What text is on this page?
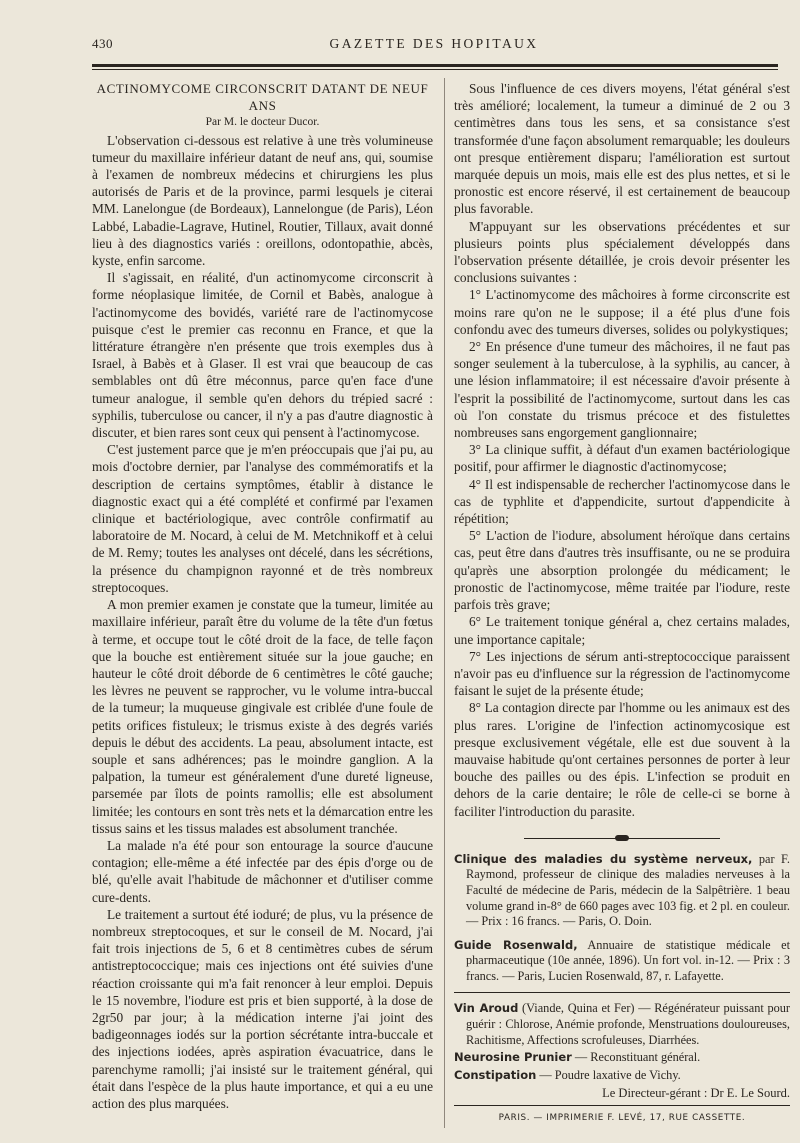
430	GAZETTE DES HOPITAUX

ACTINOMYCOME CIRCONSCRIT DATANT DE NEUF ANS

Par M. le docteur Ducor.

L'observation ci-dessous est relative à une très volumineuse tumeur du maxillaire inférieur datant de neuf ans, qui, soumise à l'examen de nombreux médecins et chirurgiens les plus autorisés de Paris et de la province, parmi lesquels je citerai MM. Lanelongue (de Bordeaux), Lannelongue (de Paris), Léon Labbé, Labadie-Lagrave, Hutinel, Routier, Tillaux, avait donné lieu à des diagnostics variés : oreillons, odontopathie, abcès, kyste, enfin sarcome.

Il s'agissait, en réalité, d'un actinomycome circonscrit à forme néoplasique limitée, de Cornil et Babès, analogue à l'actinomycome des bovidés, variété rare de l'actinomycose puisque c'est le premier cas reconnu en France, et que la littérature étrangère n'en présente que trois exemples dus à Israel, à Babès et à Glaser. Il est vrai que beaucoup de cas semblables ont dû être méconnus, parce qu'en face d'une tumeur analogue, il semble qu'en dehors du trépied sacré : syphilis, tuberculose ou cancer, il n'y a pas d'autre diagnostic à discuter, et bien rares sont ceux qui pensent à l'actinomycose.

C'est justement parce que je m'en préoccupais que j'ai pu, au mois d'octobre dernier, par l'analyse des commémoratifs et la description de certains symptômes, établir à distance le diagnostic exact qui a été complété et confirmé par l'examen clinique et bactériologique, avec contrôle confirmatif au laboratoire de M. Nocard, à celui de M. Metchnikoff et à celui de M. Remy; toutes les analyses ont décelé, dans les sécrétions, la présence du champignon rayonné et de très nombreux streptocoques.

A mon premier examen je constate que la tumeur, limitée au maxillaire inférieur, paraît être du volume de la tête d'un fœtus à terme, et occupe tout le côté droit de la face, de telle façon que la bouche est entièrement située sur la joue gauche; en hauteur le côté droit déborde de 6 centimètres le côté gauche; les lèvres ne peuvent se rapprocher, vu le volume intra-buccal de la tumeur; la muqueuse gingivale est criblée d'une foule de petits orifices fistuleux; le trismus existe à des degrés variés depuis le début des accidents. La peau, absolument intacte, est souple et sans adhérences; pas le moindre ganglion. A la palpation, la tumeur est généralement d'une dureté ligneuse, parsemée par îlots de points ramollis; elle est absolument limitée; les contours en sont très nets et la démarcation entre les tissus sains et les tissus malades est absolument tranchée.

La malade n'a été pour son entourage la source d'aucune contagion; elle-même a été infectée par des épis d'orge ou de blé, qu'elle avait l'habitude de mâchonner et d'utiliser comme cure-dents.

Le traitement a surtout été ioduré; de plus, vu la présence de nombreux streptocoques, et sur le conseil de M. Nocard, j'ai fait trois injections de 5, 6 et 8 centimètres cubes de sérum antistreptococcique; mais ces injections ont été suivies d'une réaction croissante qui m'a fait renoncer à leur emploi. Depuis le 15 novembre, l'iodure est pris et bien supporté, à la dose de 2gr50 par jour; à la médication interne j'ai joint des badigeonnages iodés sur la portion sécrétante intra-buccale et des injections iodées, après aspiration évacuatrice, dans le parenchyme ramolli; j'ai insisté sur le traitement général, qui était dans l'espèce de la plus haute importance, et qui a eu une action des plus marquées.

Sous l'influence de ces divers moyens, l'état général s'est très amélioré; localement, la tumeur a diminué de 2 ou 3 centimètres dans tous les sens, et sa consistance s'est transformée d'une façon absolument remarquable; les douleurs ont presque entièrement disparu; l'amélioration est surtout marquée depuis un mois, mais elle est des plus nettes, et si le pronostic est encore réservé, il est certainement de beaucoup plus favorable.

M'appuyant sur les observations précédentes et sur plusieurs points plus spécialement développés dans l'observation présente détaillée, je crois devoir présenter les conclusions suivantes :

1° L'actinomycome des mâchoires à forme circonscrite est moins rare qu'on ne le suppose; il a été plus d'une fois confondu avec des tumeurs diverses, solides ou polykystiques;

2° En présence d'une tumeur des mâchoires, il ne faut pas songer seulement à la tuberculose, à la syphilis, au cancer, à une lésion inflammatoire; il est nécessaire d'avoir présente à l'esprit la possibilité de l'actinomycome, surtout dans les cas où l'on constate du trismus précoce et des fistulettes nombreuses sans engorgement ganglionnaire;

3° La clinique suffit, à défaut d'un examen bactériologique positif, pour affirmer le diagnostic d'actinomycose;

4° Il est indispensable de rechercher l'actinomycose dans le cas de typhlite et d'appendicite, surtout d'appendicite à répétition;

5° L'action de l'iodure, absolument héroïque dans certains cas, peut être dans d'autres très insuffisante, ou ne se produira qu'après une absorption prolongée du médicament; le pronostic de l'actinomycose, même traitée par l'iodure, reste parfois très grave;

6° Le traitement tonique général a, chez certains malades, une importance capitale;

7° Les injections de sérum anti-streptococcique paraissent n'avoir pas eu d'influence sur la régression de l'actinomycome faisant le sujet de la présente étude;

8° La contagion directe par l'homme ou les animaux est des plus rares. L'origine de l'infection actinomycosique est presque exclusivement végétale, elle est due souvent à la mauvaise habitude qu'ont certaines personnes de porter à leur bouche des pailles ou des épis. L'infection se produit en dehors de la carie dentaire; le rôle de celle-ci se borne à faciliter l'introduction du parasite.

Clinique des maladies du système nerveux, par F. Raymond, professeur de clinique des maladies nerveuses à la Faculté de médecine de Paris, médecin de la Salpêtrière. 1 beau volume grand in-8° de 660 pages avec 103 fig. et 2 pl. en couleur. — Prix : 16 francs. — Paris, O. Doin.

Guide Rosenwald, Annuaire de statistique médicale et pharmaceutique (10e année, 1896). Un fort vol. in-12. — Prix : 3 francs. — Paris, Lucien Rosenwald, 87, r. Lafayette.

Vin Aroud (Viande, Quina et Fer) — Régénérateur puissant pour guérir : Chlorose, Anémie profonde, Menstruations douloureuses, Rachitisme, Affections scrofuleuses, Diarrhées.

Neurosine Prunier — Reconstituant général.

Constipation — Poudre laxative de Vichy.

Le Directeur-gérant : Dr E. Le Sourd.

PARIS. — IMPRIMERIE F. LEVÉ, 17, RUE CASSETTE.
